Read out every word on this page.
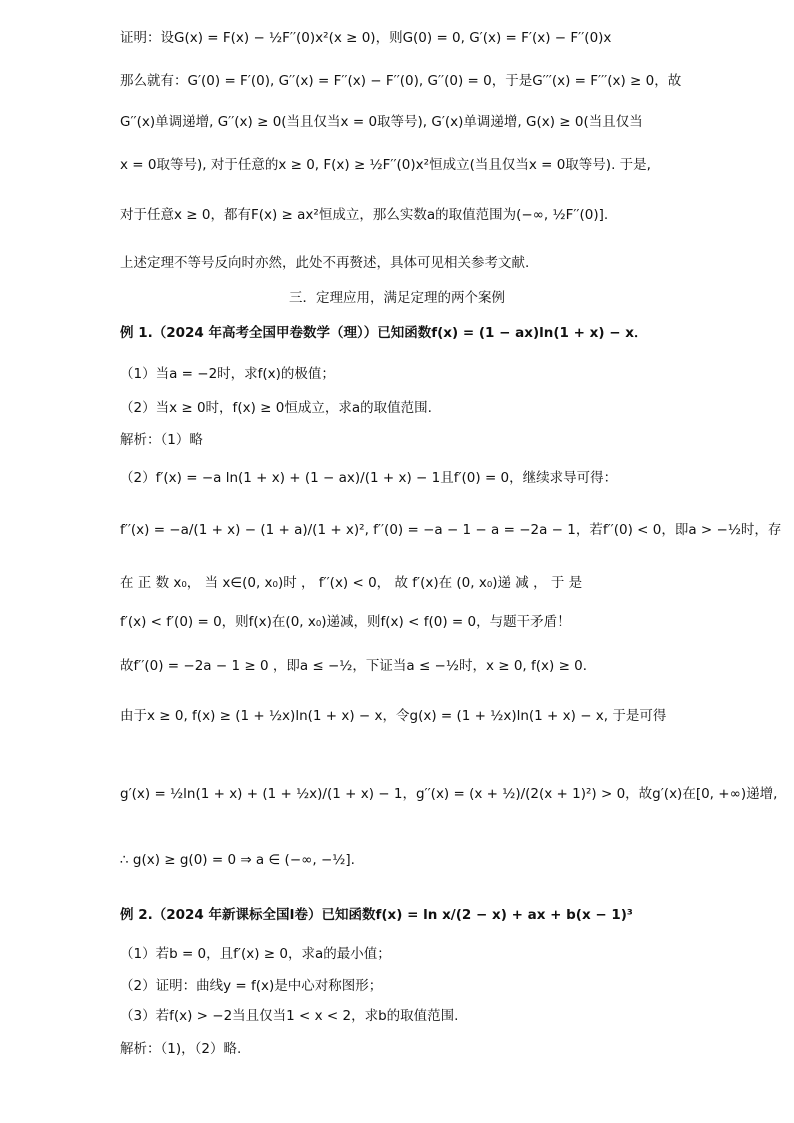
证明：设G(x) = F(x) − ½F′′(0)x²(x ≥ 0)，则G(0) = 0, G′(x) = F′(x) − F′′(0)x
那么就有：G′(0) = F′(0), G′′(x) = F′′(x) − F′′(0), G′′(0) = 0，于是G′′′(x) = F′′′(x) ≥ 0，故
G′′(x)单调递增, G′′(x) ≥ 0(当且仅当x = 0取等号), G′(x)单调递增, G(x) ≥ 0(当且仅当
x = 0取等号), 对于任意的x ≥ 0, F(x) ≥ ½F′′(0)x²恒成立(当且仅当x = 0取等号). 于是,
对于任意x ≥ 0，都有F(x) ≥ ax²恒成立，那么实数a的取值范围为(−∞, ½F′′(0)].
上述定理不等号反向时亦然，此处不再赘述，具体可见相关参考文献.
三．定理应用，满足定理的两个案例
例 1.（2024 年高考全国甲卷数学（理））已知函数f(x) = (1 − ax)ln(1 + x) − x．
（1）当a = −2时，求f(x)的极值；
（2）当x ≥ 0时，f(x) ≥ 0恒成立，求a的取值范围.
解析：（1）略
（2）f′(x) = −a ln(1 + x) + (1 − ax)/(1 + x) − 1且f′(0) = 0，继续求导可得：
f′′(x) = −a/(1 + x) − (1 + a)/(1 + x)², f′′(0) = −a − 1 − a = −2a − 1，若f′′(0) < 0，即a > −½时，存
在 正 数 x₀， 当 x∈(0, x₀)时 ， f′′(x) < 0， 故 f′(x)在 (0, x₀)递 减 ， 于 是
f′(x) < f′(0) = 0，则f(x)在(0, x₀)递减，则f(x) < f(0) = 0，与题干矛盾！
故f′′(0) = −2a − 1 ≥ 0 ，即a ≤ −½，下证当a ≤ −½时，x ≥ 0, f(x) ≥ 0．
由于x ≥ 0, f(x) ≥ (1 + ½x)ln(1 + x) − x，令g(x) = (1 + ½x)ln(1 + x) − x, 于是可得
g′(x) = ½ln(1 + x) + (1 + ½x)/(1 + x) − 1，g′′(x) = (x + ½)/(2(x + 1)²) > 0，故g′(x)在[0, +∞)递增,
∴ g(x) ≥ g(0) = 0 ⇒ a ∈ (−∞, −½].
例 2.（2024 年新课标全国Ⅰ卷）已知函数f(x) = ln x/(2 − x) + ax + b(x − 1)³
（1）若b = 0，且f′(x) ≥ 0，求a的最小值；
（2）证明：曲线y = f(x)是中心对称图形；
（3）若f(x) > −2当且仅当1 < x < 2，求b的取值范围.
解析：（1)，（2）略.
